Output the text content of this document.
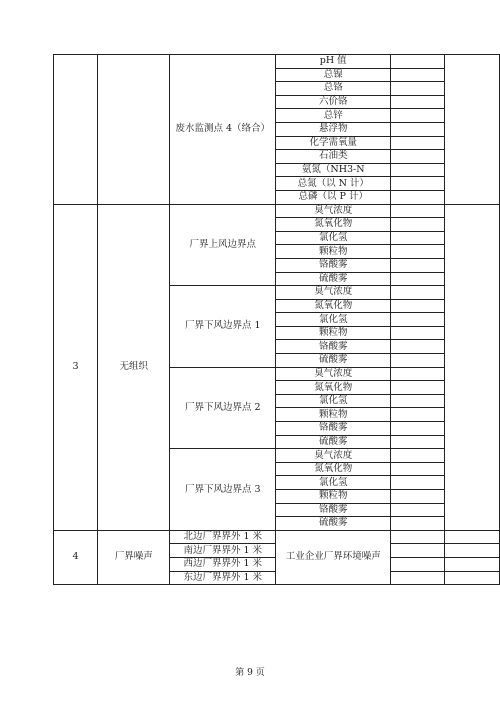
		废水监测点 4（络合）	pH 值		
			总镍		
			总铬		
			六价铬		
			总锌		
			悬浮物		
			化学需氧量		
			石油类		
			氨氮（NH3-N		
			总氮（以 N 计）		
			总磷（以 P 计）		
3	无组织	厂界上风边界点	臭气浓度		
			氮氧化物		
			氯化氢		
			颗粒物		
			铬酸雾		
			硫酸雾		
		厂界下风边界点 1	臭气浓度		
			氮氧化物		
			氯化氢		
			颗粒物		
			铬酸雾		
			硫酸雾		
		厂界下风边界点 2	臭气浓度		
			氮氧化物		
			氯化氢		
			颗粒物		
			铬酸雾		
			硫酸雾		
		厂界下风边界点 3	臭气浓度		
			氮氧化物		
			氯化氢		
			颗粒物		
			铬酸雾		
			硫酸雾		
4	厂界噪声	北边厂界界外 1 米	工业企业厂界环境噪声		
		南边厂界界外 1 米			
		西边厂界界外 1 米			
		东边厂界界外 1 米			
第 9 页
